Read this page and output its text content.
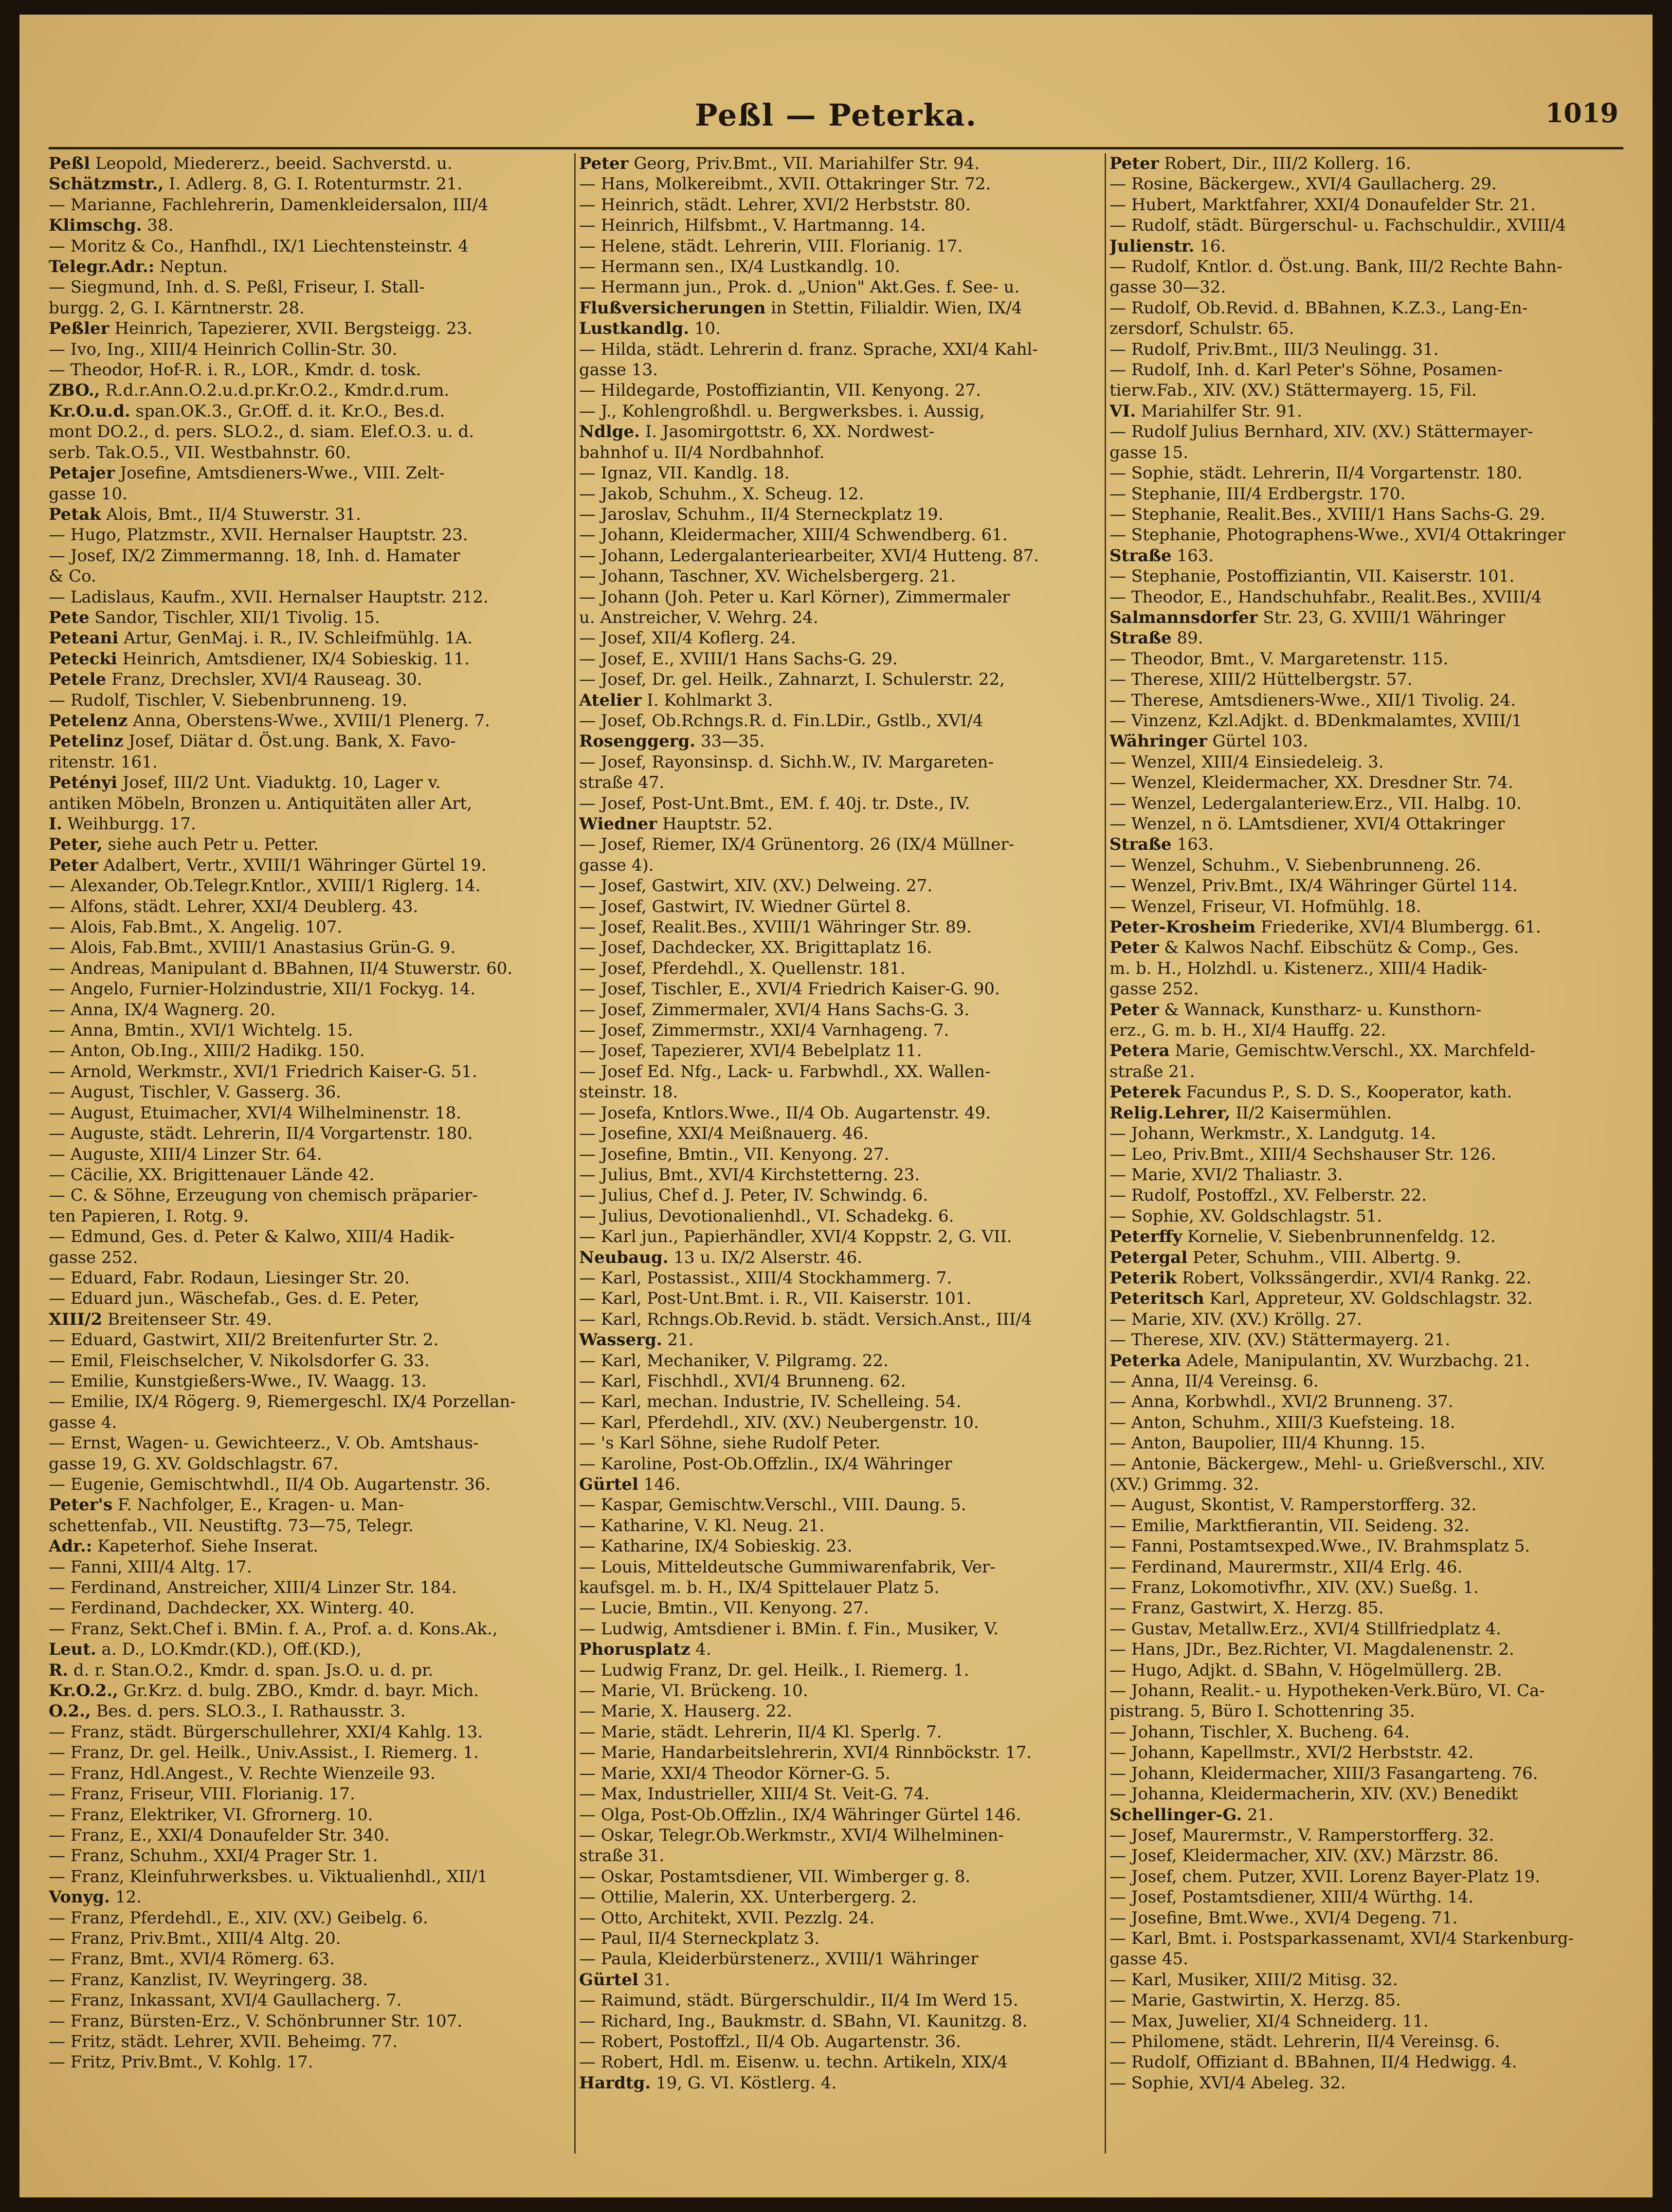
Peßl — Peterka.	1019

Peßl Leopold, Miedererz., beeid. Sachverstd. u.

Schätzmstr., I. Adlerg. 8, G. I. Rotenturmstr. 21.

— Marianne, Fachlehrerin, Damenkleidersalon, III/4

Klimschg. 38.

— Moritz & Co., Hanfhdl., IX/1 Liechtensteinstr. 4

Telegr.Adr.: Neptun.

— Siegmund, Inh. d. S. Peßl, Friseur, I. Stall-

burgg. 2, G. I. Kärntnerstr. 28.

Peßler Heinrich, Tapezierer, XVII. Bergsteigg. 23.

— Ivo, Ing., XIII/4 Heinrich Collin-Str. 30.

— Theodor, Hof-R. i. R., LOR., Kmdr. d. tosk.

ZBO., R.d.r.Ann.O.2.u.d.pr.Kr.O.2., Kmdr.d.rum.

Kr.O.u.d. span.OK.3., Gr.Off. d. it. Kr.O., Bes.d.

mont DO.2., d. pers. SLO.2., d. siam. Elef.O.3. u. d.

serb. Tak.O.5., VII. Westbahnstr. 60.

Petajer Josefine, Amtsdieners-Wwe., VIII. Zelt-

gasse 10.

Petak Alois, Bmt., II/4 Stuwerstr. 31.

— Hugo, Platzmstr., XVII. Hernalser Hauptstr. 23.

— Josef, IX/2 Zimmermanng. 18, Inh. d. Hamater

& Co.

— Ladislaus, Kaufm., XVII. Hernalser Hauptstr. 212.

Pete Sandor, Tischler, XII/1 Tivolig. 15.

Peteani Artur, GenMaj. i. R., IV. Schleifmühlg. 1A.

Petecki Heinrich, Amtsdiener, IX/4 Sobieskig. 11.

Petele Franz, Drechsler, XVI/4 Rauseag. 30.

— Rudolf, Tischler, V. Siebenbrunneng. 19.

Petelenz Anna, Oberstens-Wwe., XVIII/1 Plenerg. 7.

Petelinz Josef, Diätar d. Öst.ung. Bank, X. Favo-

ritenstr. 161.

Petényi Josef, III/2 Unt. Viaduktg. 10, Lager v.

antiken Möbeln, Bronzen u. Antiquitäten aller Art,

I. Weihburgg. 17.

Peter, siehe auch Petr u. Petter.

Peter Adalbert, Vertr., XVIII/1 Währinger Gürtel 19.

— Alexander, Ob.Telegr.Kntlor., XVIII/1 Riglerg. 14.

— Alfons, städt. Lehrer, XXI/4 Deublerg. 43.

— Alois, Fab.Bmt., X. Angelig. 107.

— Alois, Fab.Bmt., XVIII/1 Anastasius Grün-G. 9.

— Andreas, Manipulant d. BBahnen, II/4 Stuwerstr. 60.

— Angelo, Furnier-Holzindustrie, XII/1 Fockyg. 14.

— Anna, IX/4 Wagnerg. 20.

— Anna, Bmtin., XVI/1 Wichtelg. 15.

— Anton, Ob.Ing., XIII/2 Hadikg. 150.

— Arnold, Werkmstr., XVI/1 Friedrich Kaiser-G. 51.

— August, Tischler, V. Gasserg. 36.

— August, Etuimacher, XVI/4 Wilhelminenstr. 18.

— Auguste, städt. Lehrerin, II/4 Vorgartenstr. 180.

— Auguste, XIII/4 Linzer Str. 64.

— Cäcilie, XX. Brigittenauer Lände 42.

— C. & Söhne, Erzeugung von chemisch präparier-

ten Papieren, I. Rotg. 9.

— Edmund, Ges. d. Peter & Kalwo, XIII/4 Hadik-

gasse 252.

— Eduard, Fabr. Rodaun, Liesinger Str. 20.

— Eduard jun., Wäschefab., Ges. d. E. Peter,

XIII/2 Breitenseer Str. 49.

— Eduard, Gastwirt, XII/2 Breitenfurter Str. 2.

— Emil, Fleischselcher, V. Nikolsdorfer G. 33.

— Emilie, Kunstgießers-Wwe., IV. Waagg. 13.

— Emilie, IX/4 Rögerg. 9, Riemergeschl. IX/4 Porzellan-

gasse 4.

— Ernst, Wagen- u. Gewichteerz., V. Ob. Amtshaus-

gasse 19, G. XV. Goldschlagstr. 67.

— Eugenie, Gemischtwhdl., II/4 Ob. Augartenstr. 36.

Peter's F. Nachfolger, E., Kragen- u. Man-

schettenfab., VII. Neustiftg. 73—75, Telegr.

Adr.: Kapeterhof. Siehe Inserat.

— Fanni, XIII/4 Altg. 17.

— Ferdinand, Anstreicher, XIII/4 Linzer Str. 184.

— Ferdinand, Dachdecker, XX. Winterg. 40.

— Franz, Sekt.Chef i. BMin. f. A., Prof. a. d. Kons.Ak.,

Leut. a. D., LO.Kmdr.(KD.), Off.(KD.),

R. d. r. Stan.O.2., Kmdr. d. span. Js.O. u. d. pr.

Kr.O.2., Gr.Krz. d. bulg. ZBO., Kmdr. d. bayr. Mich.

O.2., Bes. d. pers. SLO.3., I. Rathausstr. 3.

— Franz, städt. Bürgerschullehrer, XXI/4 Kahlg. 13.

— Franz, Dr. gel. Heilk., Univ.Assist., I. Riemerg. 1.

— Franz, Hdl.Angest., V. Rechte Wienzeile 93.

— Franz, Friseur, VIII. Florianig. 17.

— Franz, Elektriker, VI. Gfrornerg. 10.

— Franz, E., XXI/4 Donaufelder Str. 340.

— Franz, Schuhm., XXI/4 Prager Str. 1.

— Franz, Kleinfuhrwerksbes. u. Viktualienhdl., XII/1

Vonyg. 12.

— Franz, Pferdehdl., E., XIV. (XV.) Geibelg. 6.

— Franz, Priv.Bmt., XIII/4 Altg. 20.

— Franz, Bmt., XVI/4 Römerg. 63.

— Franz, Kanzlist, IV. Weyringerg. 38.

— Franz, Inkassant, XVI/4 Gaullacherg. 7.

— Franz, Bürsten-Erz., V. Schönbrunner Str. 107.

— Fritz, städt. Lehrer, XVII. Beheimg. 77.

— Fritz, Priv.Bmt., V. Kohlg. 17.

Peter Georg, Priv.Bmt., VII. Mariahilfer Str. 94.

— Hans, Molkereibmt., XVII. Ottakringer Str. 72.

— Heinrich, städt. Lehrer, XVI/2 Herbststr. 80.

— Heinrich, Hilfsbmt., V. Hartmanng. 14.

— Helene, städt. Lehrerin, VIII. Florianig. 17.

— Hermann sen., IX/4 Lustkandlg. 10.

— Hermann jun., Prok. d. „Union" Akt.Ges. f. See- u.

Flußversicherungen in Stettin, Filialdir. Wien, IX/4

Lustkandlg. 10.

— Hilda, städt. Lehrerin d. franz. Sprache, XXI/4 Kahl-

gasse 13.

— Hildegarde, Postoffiziantin, VII. Kenyong. 27.

— J., Kohlengroßhdl. u. Bergwerksbes. i. Aussig,

Ndlge. I. Jasomirgottstr. 6, XX. Nordwest-

bahnhof u. II/4 Nordbahnhof.

— Ignaz, VII. Kandlg. 18.

— Jakob, Schuhm., X. Scheug. 12.

— Jaroslav, Schuhm., II/4 Sterneckplatz 19.

— Johann, Kleidermacher, XIII/4 Schwendberg. 61.

— Johann, Ledergalanteriearbeiter, XVI/4 Hutteng. 87.

— Johann, Taschner, XV. Wichelsbergerg. 21.

— Johann (Joh. Peter u. Karl Körner), Zimmermaler

u. Anstreicher, V. Wehrg. 24.

— Josef, XII/4 Koflerg. 24.

— Josef, E., XVIII/1 Hans Sachs-G. 29.

— Josef, Dr. gel. Heilk., Zahnarzt, I. Schulerstr. 22,

Atelier I. Kohlmarkt 3.

— Josef, Ob.Rchngs.R. d. Fin.LDir., Gstlb., XVI/4

Rosenggerg. 33—35.

— Josef, Rayonsinsp. d. Sichh.W., IV. Margareten-

straße 47.

— Josef, Post-Unt.Bmt., EM. f. 40j. tr. Dste., IV.

Wiedner Hauptstr. 52.

— Josef, Riemer, IX/4 Grünentorg. 26 (IX/4 Müllner-

gasse 4).

— Josef, Gastwirt, XIV. (XV.) Delweing. 27.

— Josef, Gastwirt, IV. Wiedner Gürtel 8.

— Josef, Realit.Bes., XVIII/1 Währinger Str. 89.

— Josef, Dachdecker, XX. Brigittaplatz 16.

— Josef, Pferdehdl., X. Quellenstr. 181.

— Josef, Tischler, E., XVI/4 Friedrich Kaiser-G. 90.

— Josef, Zimmermaler, XVI/4 Hans Sachs-G. 3.

— Josef, Zimmermstr., XXI/4 Varnhageng. 7.

— Josef, Tapezierer, XVI/4 Bebelplatz 11.

— Josef Ed. Nfg., Lack- u. Farbwhdl., XX. Wallen-

steinstr. 18.

— Josefa, Kntlors.Wwe., II/4 Ob. Augartenstr. 49.

— Josefine, XXI/4 Meißnauerg. 46.

— Josefine, Bmtin., VII. Kenyong. 27.

— Julius, Bmt., XVI/4 Kirchstetterng. 23.

— Julius, Chef d. J. Peter, IV. Schwindg. 6.

— Julius, Devotionalienhdl., VI. Schadekg. 6.

— Karl jun., Papierhändler, XVI/4 Koppstr. 2, G. VII.

Neubaug. 13 u. IX/2 Alserstr. 46.

— Karl, Postassist., XIII/4 Stockhammerg. 7.

— Karl, Post-Unt.Bmt. i. R., VII. Kaiserstr. 101.

— Karl, Rchngs.Ob.Revid. b. städt. Versich.Anst., III/4

Wasserg. 21.

— Karl, Mechaniker, V. Pilgramg. 22.

— Karl, Fischhdl., XVI/4 Brunneng. 62.

— Karl, mechan. Industrie, IV. Schelleing. 54.

— Karl, Pferdehdl., XIV. (XV.) Neubergenstr. 10.

— 's Karl Söhne, siehe Rudolf Peter.

— Karoline, Post-Ob.Offzlin., IX/4 Währinger

Gürtel 146.

— Kaspar, Gemischtw.Verschl., VIII. Daung. 5.

— Katharine, V. Kl. Neug. 21.

— Katharine, IX/4 Sobieskig. 23.

— Louis, Mitteldeutsche Gummiwarenfabrik, Ver-

kaufsgel. m. b. H., IX/4 Spittelauer Platz 5.

— Lucie, Bmtin., VII. Kenyong. 27.

— Ludwig, Amtsdiener i. BMin. f. Fin., Musiker, V.

Phorusplatz 4.

— Ludwig Franz, Dr. gel. Heilk., I. Riemerg. 1.

— Marie, VI. Brückeng. 10.

— Marie, X. Hauserg. 22.

— Marie, städt. Lehrerin, II/4 Kl. Sperlg. 7.

— Marie, Handarbeitslehrerin, XVI/4 Rinnböckstr. 17.

— Marie, XXI/4 Theodor Körner-G. 5.

— Max, Industrieller, XIII/4 St. Veit-G. 74.

— Olga, Post-Ob.Offzlin., IX/4 Währinger Gürtel 146.

— Oskar, Telegr.Ob.Werkmstr., XVI/4 Wilhelminen-

straße 31.

— Oskar, Postamtsdiener, VII. Wimberger g. 8.

— Ottilie, Malerin, XX. Unterbergerg. 2.

— Otto, Architekt, XVII. Pezzlg. 24.

— Paul, II/4 Sterneckplatz 3.

— Paula, Kleiderbürstenerz., XVIII/1 Währinger

Gürtel 31.

— Raimund, städt. Bürgerschuldir., II/4 Im Werd 15.

— Richard, Ing., Baukmstr. d. SBahn, VI. Kaunitzg. 8.

— Robert, Postoffzl., II/4 Ob. Augartenstr. 36.

— Robert, Hdl. m. Eisenw. u. techn. Artikeln, XIX/4

Hardtg. 19, G. VI. Köstlerg. 4.

Peter Robert, Dir., III/2 Kollerg. 16.

— Rosine, Bäckergew., XVI/4 Gaullacherg. 29.

— Hubert, Marktfahrer, XXI/4 Donaufelder Str. 21.

— Rudolf, städt. Bürgerschul- u. Fachschuldir., XVIII/4

Julienstr. 16.

— Rudolf, Kntlor. d. Öst.ung. Bank, III/2 Rechte Bahn-

gasse 30—32.

— Rudolf, Ob.Revid. d. BBahnen, K.Z.3., Lang-En-

zersdorf, Schulstr. 65.

— Rudolf, Priv.Bmt., III/3 Neulingg. 31.

— Rudolf, Inh. d. Karl Peter's Söhne, Posamen-

tierw.Fab., XIV. (XV.) Stättermayerg. 15, Fil.

VI. Mariahilfer Str. 91.

— Rudolf Julius Bernhard, XIV. (XV.) Stättermayer-

gasse 15.

— Sophie, städt. Lehrerin, II/4 Vorgartenstr. 180.

— Stephanie, III/4 Erdbergstr. 170.

— Stephanie, Realit.Bes., XVIII/1 Hans Sachs-G. 29.

— Stephanie, Photographens-Wwe., XVI/4 Ottakringer

Straße 163.

— Stephanie, Postoffiziantin, VII. Kaiserstr. 101.

— Theodor, E., Handschuhfabr., Realit.Bes., XVIII/4

Salmannsdorfer Str. 23, G. XVIII/1 Währinger

Straße 89.

— Theodor, Bmt., V. Margaretenstr. 115.

— Therese, XIII/2 Hüttelbergstr. 57.

— Therese, Amtsdieners-Wwe., XII/1 Tivolig. 24.

— Vinzenz, Kzl.Adjkt. d. BDenkmalamtes, XVIII/1

Währinger Gürtel 103.

— Wenzel, XIII/4 Einsiedeleig. 3.

— Wenzel, Kleidermacher, XX. Dresdner Str. 74.

— Wenzel, Ledergalanteriew.Erz., VII. Halbg. 10.

— Wenzel, n ö. LAmtsdiener, XVI/4 Ottakringer

Straße 163.

— Wenzel, Schuhm., V. Siebenbrunneng. 26.

— Wenzel, Priv.Bmt., IX/4 Währinger Gürtel 114.

— Wenzel, Friseur, VI. Hofmühlg. 18.

Peter-Krosheim Friederike, XVI/4 Blumbergg. 61.

Peter & Kalwos Nachf. Eibschütz & Comp., Ges.

m. b. H., Holzhdl. u. Kistenerz., XIII/4 Hadik-

gasse 252.

Peter & Wannack, Kunstharz- u. Kunsthorn-

erz., G. m. b. H., XI/4 Hauffg. 22.

Petera Marie, Gemischtw.Verschl., XX. Marchfeld-

straße 21.

Peterek Facundus P., S. D. S., Kooperator, kath.

Relig.Lehrer, II/2 Kaisermühlen.

— Johann, Werkmstr., X. Landgutg. 14.

— Leo, Priv.Bmt., XIII/4 Sechshauser Str. 126.

— Marie, XVI/2 Thaliastr. 3.

— Rudolf, Postoffzl., XV. Felberstr. 22.

— Sophie, XV. Goldschlagstr. 51.

Peterffy Kornelie, V. Siebenbrunnenfeldg. 12.

Petergal Peter, Schuhm., VIII. Albertg. 9.

Peterik Robert, Volkssängerdir., XVI/4 Rankg. 22.

Peteritsch Karl, Appreteur, XV. Goldschlagstr. 32.

— Marie, XIV. (XV.) Kröllg. 27.

— Therese, XIV. (XV.) Stättermayerg. 21.

Peterka Adele, Manipulantin, XV. Wurzbachg. 21.

— Anna, II/4 Vereinsg. 6.

— Anna, Korbwhdl., XVI/2 Brunneng. 37.

— Anton, Schuhm., XIII/3 Kuefsteing. 18.

— Anton, Baupolier, III/4 Khunng. 15.

— Antonie, Bäckergew., Mehl- u. Grießverschl., XIV.

(XV.) Grimmg. 32.

— August, Skontist, V. Ramperstorfferg. 32.

— Emilie, Marktfierantin, VII. Seideng. 32.

— Fanni, Postamtsexped.Wwe., IV. Brahmsplatz 5.

— Ferdinand, Maurermstr., XII/4 Erlg. 46.

— Franz, Lokomotivfhr., XIV. (XV.) Sueßg. 1.

— Franz, Gastwirt, X. Herzg. 85.

— Gustav, Metallw.Erz., XVI/4 Stillfriedplatz 4.

— Hans, JDr., Bez.Richter, VI. Magdalenenstr. 2.

— Hugo, Adjkt. d. SBahn, V. Högelmüllerg. 2B.

— Johann, Realit.- u. Hypotheken-Verk.Büro, VI. Ca-

pistrang. 5, Büro I. Schottenring 35.

— Johann, Tischler, X. Bucheng. 64.

— Johann, Kapellmstr., XVI/2 Herbststr. 42.

— Johann, Kleidermacher, XIII/3 Fasangarteng. 76.

— Johanna, Kleidermacherin, XIV. (XV.) Benedikt

Schellinger-G. 21.

— Josef, Maurermstr., V. Ramperstorfferg. 32.

— Josef, Kleidermacher, XIV. (XV.) Märzstr. 86.

— Josef, chem. Putzer, XVII. Lorenz Bayer-Platz 19.

— Josef, Postamtsdiener, XIII/4 Würthg. 14.

— Josefine, Bmt.Wwe., XVI/4 Degeng. 71.

— Karl, Bmt. i. Postsparkassenamt, XVI/4 Starkenburg-

gasse 45.

— Karl, Musiker, XIII/2 Mitisg. 32.

— Marie, Gastwirtin, X. Herzg. 85.

— Max, Juwelier, XI/4 Schneiderg. 11.

— Philomene, städt. Lehrerin, II/4 Vereinsg. 6.

— Rudolf, Offiziant d. BBahnen, II/4 Hedwigg. 4.

— Sophie, XVI/4 Abeleg. 32.
